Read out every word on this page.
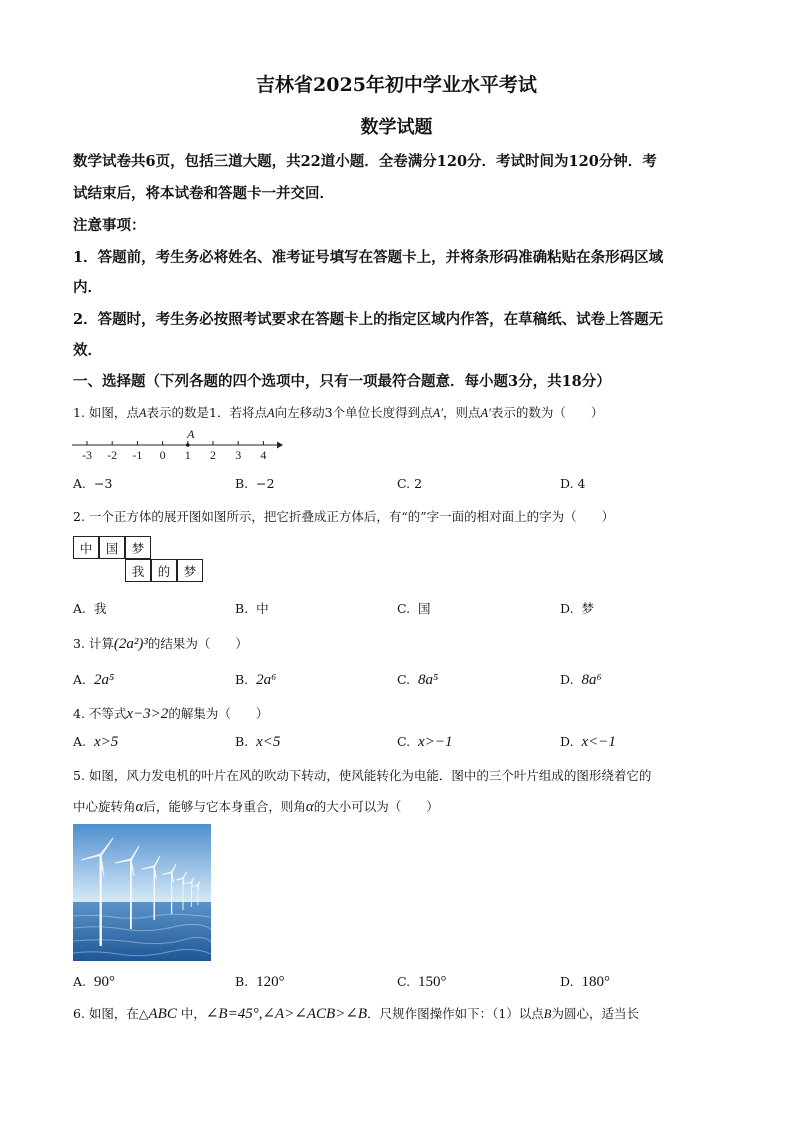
吉林省2025年初中学业水平考试
数学试题
数学试卷共6页，包括三道大题，共22道小题．全卷满分120分．考试时间为120分钟．考
试结束后，将本试卷和答题卡一并交回．
注意事项：
1．答题前，考生务必将姓名、准考证号填写在答题卡上，并将条形码准确粘贴在条形码区域
内．
2．答题时，考生务必按照考试要求在答题卡上的指定区域内作答，在草稿纸、试卷上答题无
效．
一、选择题（下列各题的四个选项中，只有一项最符合题意．每小题3分，共18分）
1. 如图，点A表示的数是1．若将点A向左移动3个单位长度得到点A′，则点A′表示的数为（　　）
-3 -2 -1 0 1 2 3 4
A
A. −3	B. −2	C. 2	D. 4
2. 一个正方体的展开图如图所示，把它折叠成正方体后，有“的”字一面的相对面上的字为（　　）
中	国	梦
我	的	梦
A. 我	B. 中	C. 国	D. 梦
3. 计算(2a²)³的结果为（　　）
A. 2a⁵	B. 2a⁶	C. 8a⁵	D. 8a⁶
4. 不等式x−3>2的解集为（　　）
A. x>5	B. x<5	C. x>−1	D. x<−1
5. 如图，风力发电机的叶片在风的吹动下转动，使风能转化为电能．图中的三个叶片组成的图形绕着它的
中心旋转角α后，能够与它本身重合，则角α的大小可以为（　　）
A. 90°	B. 120°	C. 150°	D. 180°
6. 如图，在△ABC 中，∠B=45°,∠A>∠ACB>∠B．尺规作图操作如下：（1）以点B为圆心，适当长
